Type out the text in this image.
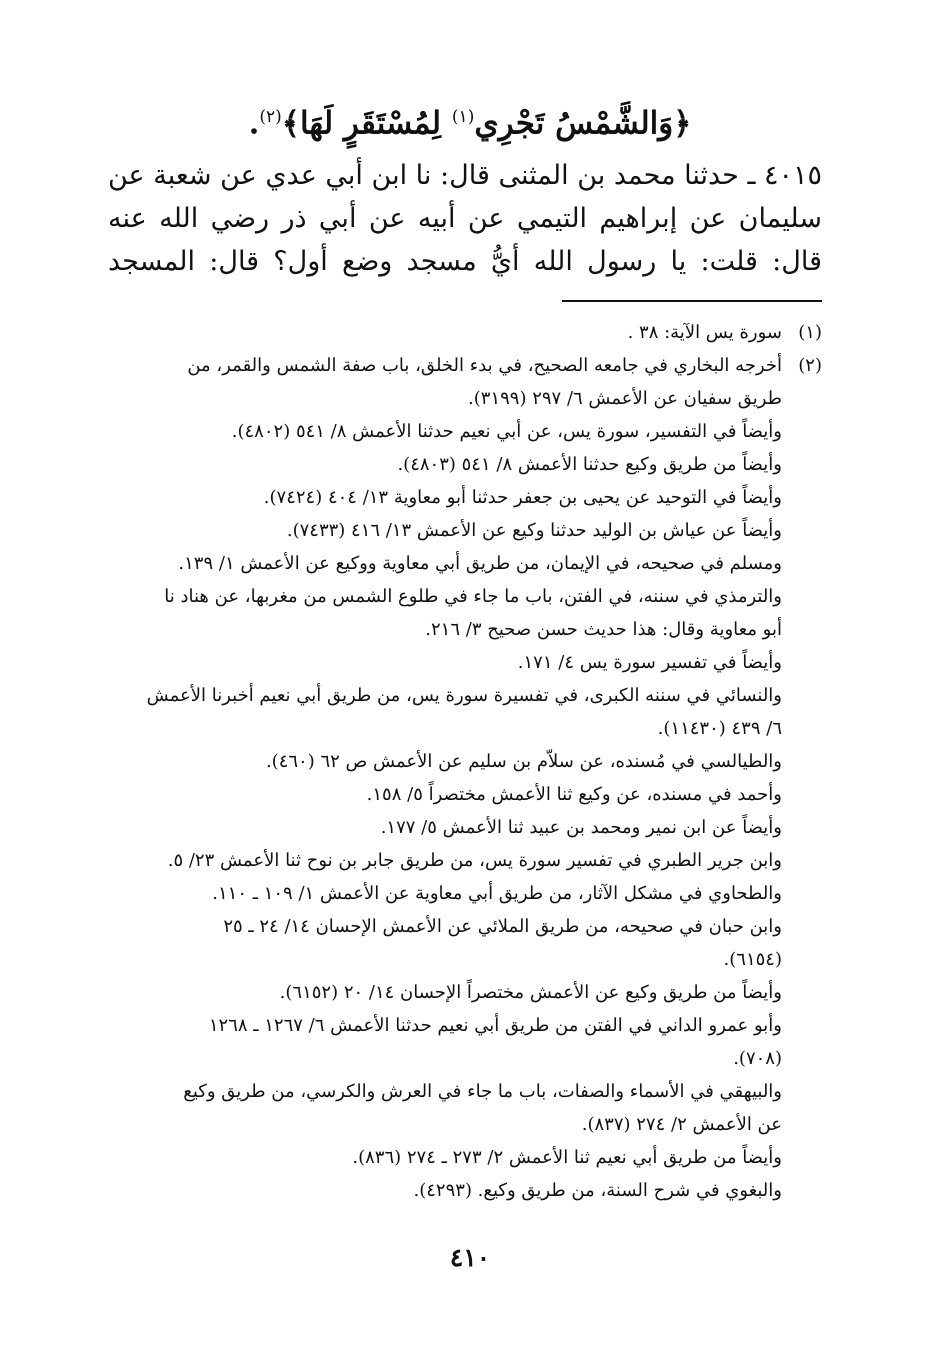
﴿وَالشَّمْسُ تَجْرِي$^{(١)}$ لِمُسْتَقَرٍ لَهَا﴾$^{(٢)}$.
٤٠١٥ ـ حدثنا محمد بن المثنى قال: نا ابن أبي عدي عن شعبة عن
سليمان عن إبراهيم التيمي عن أبيه عن أبي ذر رضي الله عنه
قال: قلت: يا رسول الله أيُّ مسجد وضع أول؟ قال: المسجد
(١)
سورة يس الآية: ٣٨ .
(٢)
أخرجه البخاري في جامعه الصحيح، في بدء الخلق، باب صفة الشمس والقمر، من
طريق سفيان عن الأعمش ٦/ ٢٩٧ (٣١٩٩).
وأيضاً في التفسير، سورة يس، عن أبي نعيم حدثنا الأعمش ٨/ ٥٤١ (٤٨٠٢).
وأيضاً من طريق وكيع حدثنا الأعمش ٨/ ٥٤١ (٤٨٠٣).
وأيضاً في التوحيد عن يحيى بن جعفر حدثنا أبو معاوية ١٣/ ٤٠٤ (٧٤٢٤).
وأيضاً عن عياش بن الوليد حدثنا وكيع عن الأعمش ١٣/ ٤١٦ (٧٤٣٣).
ومسلم في صحيحه، في الإيمان، من طريق أبي معاوية ووكيع عن الأعمش ١/ ١٣٩.
والترمذي في سننه، في الفتن، باب ما جاء في طلوع الشمس من مغربها، عن هناد نا
أبو معاوية وقال: هذا حديث حسن صحيح ٣/ ٢١٦.
وأيضاً في تفسير سورة يس ٤/ ١٧١.
والنسائي في سننه الكبرى، في تفسيرة سورة يس، من طريق أبي نعيم أخبرنا الأعمش
٦/ ٤٣٩ (١١٤٣٠).
والطيالسي في مُسنده، عن سلاّم بن سليم عن الأعمش ص ٦٢ (٤٦٠).
وأحمد في مسنده، عن وكيع ثنا الأعمش مختصراً ٥/ ١٥٨.
وأيضاً عن ابن نمير ومحمد بن عبيد ثنا الأعمش ٥/ ١٧٧.
وابن جرير الطبري في تفسير سورة يس، من طريق جابر بن نوح ثنا الأعمش ٢٣/ ٥.
والطحاوي في مشكل الآثار، من طريق أبي معاوية عن الأعمش ١/ ١٠٩ ـ ١١٠.
وابن حبان في صحيحه، من طريق الملائي عن الأعمش الإحسان ١٤/ ٢٤ ـ ٢٥
(٦١٥٤).
وأيضاً من طريق وكيع عن الأعمش مختصراً الإحسان ١٤/ ٢٠ (٦١٥٢).
وأبو عمرو الداني في الفتن من طريق أبي نعيم حدثنا الأعمش ٦/ ١٢٦٧ ـ ١٢٦٨
(٧٠٨).
والبيهقي في الأسماء والصفات، باب ما جاء في العرش والكرسي، من طريق وكيع
عن الأعمش ٢/ ٢٧٤ (٨٣٧).
وأيضاً من طريق أبي نعيم ثنا الأعمش ٢/ ٢٧٣ ـ ٢٧٤ (٨٣٦).
والبغوي في شرح السنة، من طريق وكيع. (٤٢٩٣).
٤١٠
